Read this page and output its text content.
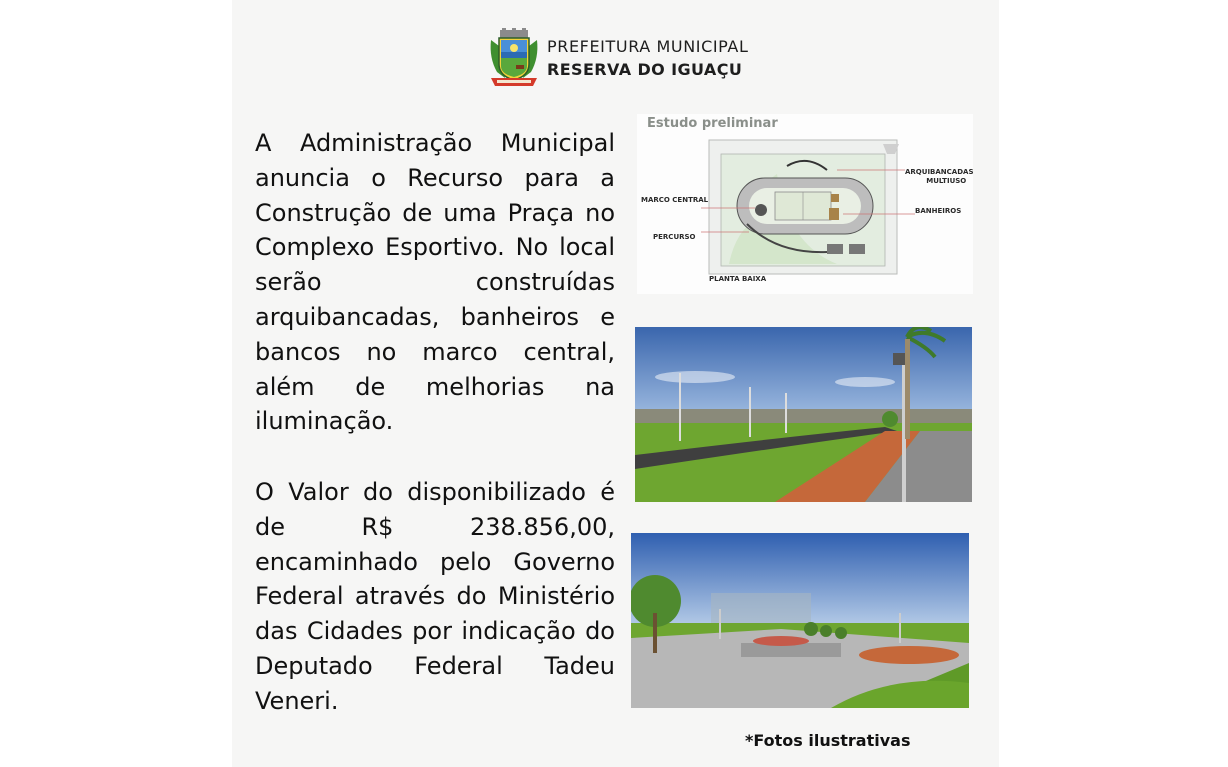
PREFEITURA MUNICIPAL
RESERVA DO IGUAÇU

A Administração Municipal anuncia o Recurso para a Construção de uma Praça no Complexo Esportivo. No local serão construídas arquibancadas, banheiros e bancos no marco central, além de melhorias na iluminação.

O Valor do disponibilizado é de R$ 238.856,00, encaminhado pelo Governo Federal através do Ministério das Cidades por indicação do Deputado Federal Tadeu Veneri.

Estudo preliminar
ARQUIBANCADAS
MULTIUSO
BANHEIROS
MARCO CENTRAL
PERCURSO
PLANTA BAIXA
*Fotos ilustrativas
